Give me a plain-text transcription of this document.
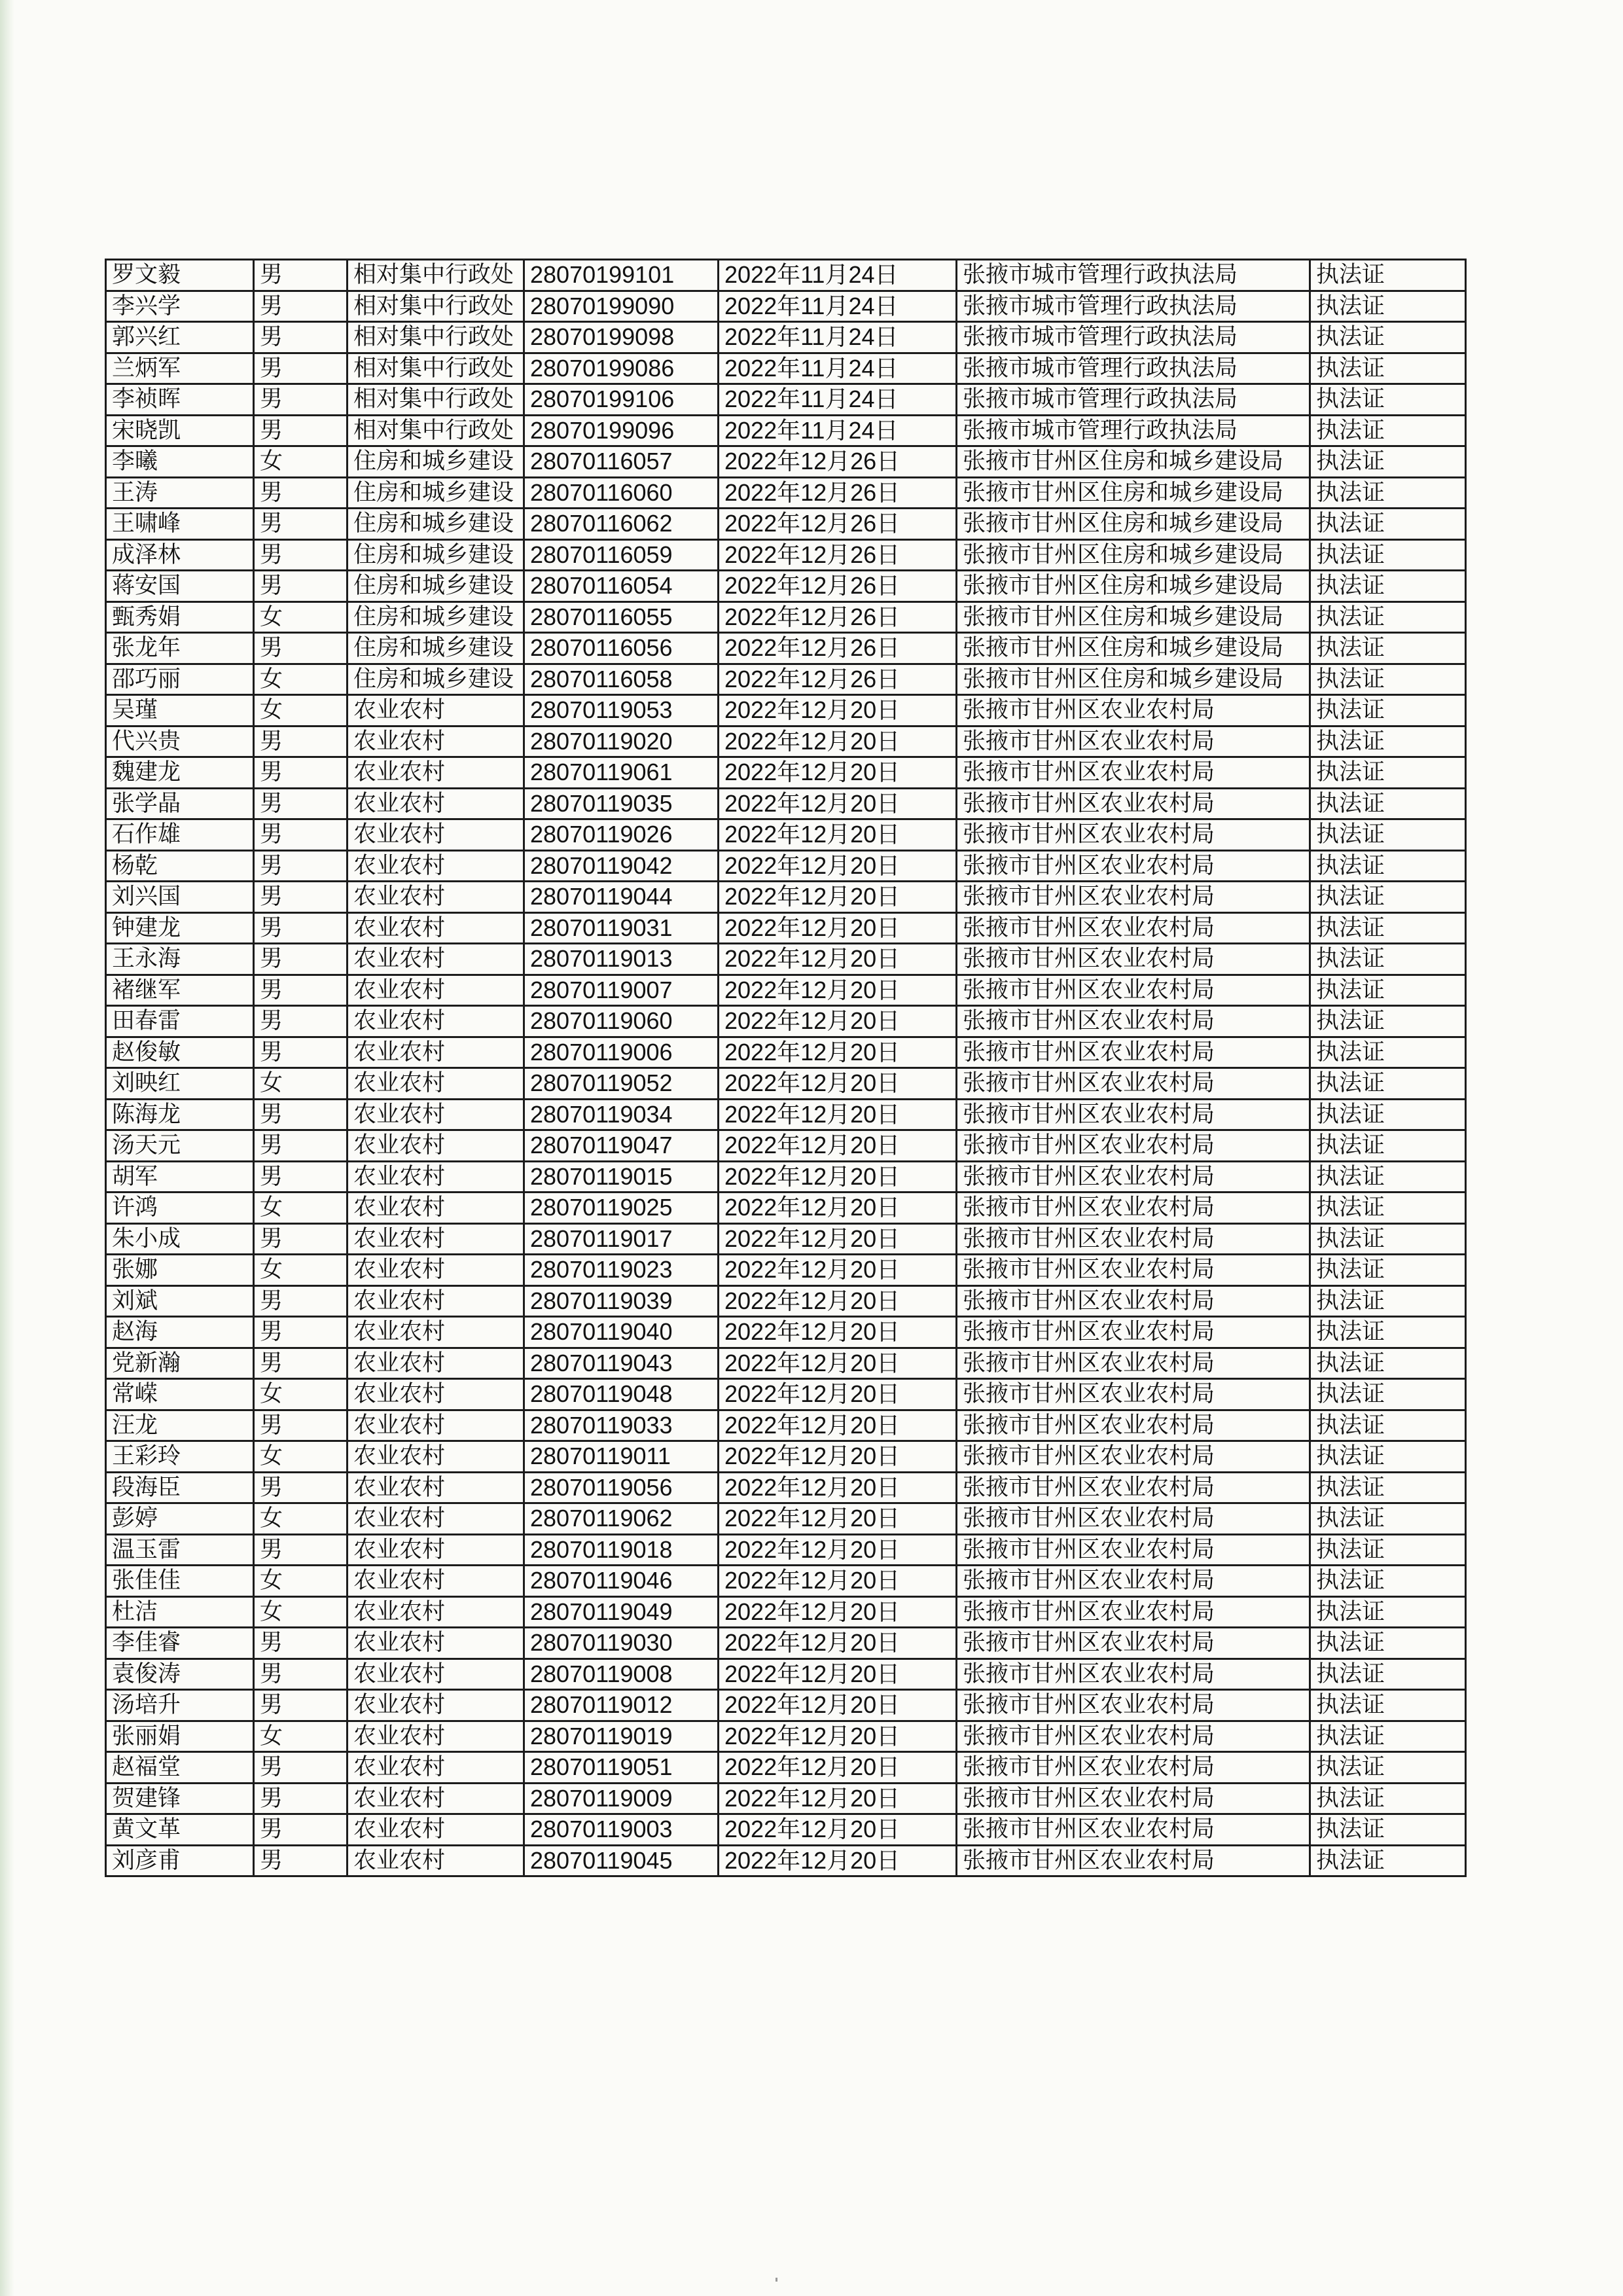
罗文毅	男	相对集中行政处	28070199101	2022年11月24日	张掖市城市管理行政执法局	执法证
李兴学	男	相对集中行政处	28070199090	2022年11月24日	张掖市城市管理行政执法局	执法证
郭兴红	男	相对集中行政处	28070199098	2022年11月24日	张掖市城市管理行政执法局	执法证
兰炳军	男	相对集中行政处	28070199086	2022年11月24日	张掖市城市管理行政执法局	执法证
李祯晖	男	相对集中行政处	28070199106	2022年11月24日	张掖市城市管理行政执法局	执法证
宋晓凯	男	相对集中行政处	28070199096	2022年11月24日	张掖市城市管理行政执法局	执法证
李曦	女	住房和城乡建设	28070116057	2022年12月26日	张掖市甘州区住房和城乡建设局	执法证
王涛	男	住房和城乡建设	28070116060	2022年12月26日	张掖市甘州区住房和城乡建设局	执法证
王啸峰	男	住房和城乡建设	28070116062	2022年12月26日	张掖市甘州区住房和城乡建设局	执法证
成泽林	男	住房和城乡建设	28070116059	2022年12月26日	张掖市甘州区住房和城乡建设局	执法证
蒋安国	男	住房和城乡建设	28070116054	2022年12月26日	张掖市甘州区住房和城乡建设局	执法证
甄秀娟	女	住房和城乡建设	28070116055	2022年12月26日	张掖市甘州区住房和城乡建设局	执法证
张龙年	男	住房和城乡建设	28070116056	2022年12月26日	张掖市甘州区住房和城乡建设局	执法证
邵巧丽	女	住房和城乡建设	28070116058	2022年12月26日	张掖市甘州区住房和城乡建设局	执法证
吴瑾	女	农业农村	28070119053	2022年12月20日	张掖市甘州区农业农村局	执法证
代兴贵	男	农业农村	28070119020	2022年12月20日	张掖市甘州区农业农村局	执法证
魏建龙	男	农业农村	28070119061	2022年12月20日	张掖市甘州区农业农村局	执法证
张学晶	男	农业农村	28070119035	2022年12月20日	张掖市甘州区农业农村局	执法证
石作雄	男	农业农村	28070119026	2022年12月20日	张掖市甘州区农业农村局	执法证
杨乾	男	农业农村	28070119042	2022年12月20日	张掖市甘州区农业农村局	执法证
刘兴国	男	农业农村	28070119044	2022年12月20日	张掖市甘州区农业农村局	执法证
钟建龙	男	农业农村	28070119031	2022年12月20日	张掖市甘州区农业农村局	执法证
王永海	男	农业农村	28070119013	2022年12月20日	张掖市甘州区农业农村局	执法证
褚继军	男	农业农村	28070119007	2022年12月20日	张掖市甘州区农业农村局	执法证
田春雷	男	农业农村	28070119060	2022年12月20日	张掖市甘州区农业农村局	执法证
赵俊敏	男	农业农村	28070119006	2022年12月20日	张掖市甘州区农业农村局	执法证
刘映红	女	农业农村	28070119052	2022年12月20日	张掖市甘州区农业农村局	执法证
陈海龙	男	农业农村	28070119034	2022年12月20日	张掖市甘州区农业农村局	执法证
汤天元	男	农业农村	28070119047	2022年12月20日	张掖市甘州区农业农村局	执法证
胡军	男	农业农村	28070119015	2022年12月20日	张掖市甘州区农业农村局	执法证
许鸿	女	农业农村	28070119025	2022年12月20日	张掖市甘州区农业农村局	执法证
朱小成	男	农业农村	28070119017	2022年12月20日	张掖市甘州区农业农村局	执法证
张娜	女	农业农村	28070119023	2022年12月20日	张掖市甘州区农业农村局	执法证
刘斌	男	农业农村	28070119039	2022年12月20日	张掖市甘州区农业农村局	执法证
赵海	男	农业农村	28070119040	2022年12月20日	张掖市甘州区农业农村局	执法证
党新瀚	男	农业农村	28070119043	2022年12月20日	张掖市甘州区农业农村局	执法证
常嵘	女	农业农村	28070119048	2022年12月20日	张掖市甘州区农业农村局	执法证
汪龙	男	农业农村	28070119033	2022年12月20日	张掖市甘州区农业农村局	执法证
王彩玲	女	农业农村	28070119011	2022年12月20日	张掖市甘州区农业农村局	执法证
段海臣	男	农业农村	28070119056	2022年12月20日	张掖市甘州区农业农村局	执法证
彭婷	女	农业农村	28070119062	2022年12月20日	张掖市甘州区农业农村局	执法证
温玉雷	男	农业农村	28070119018	2022年12月20日	张掖市甘州区农业农村局	执法证
张佳佳	女	农业农村	28070119046	2022年12月20日	张掖市甘州区农业农村局	执法证
杜洁	女	农业农村	28070119049	2022年12月20日	张掖市甘州区农业农村局	执法证
李佳睿	男	农业农村	28070119030	2022年12月20日	张掖市甘州区农业农村局	执法证
袁俊涛	男	农业农村	28070119008	2022年12月20日	张掖市甘州区农业农村局	执法证
汤培升	男	农业农村	28070119012	2022年12月20日	张掖市甘州区农业农村局	执法证
张丽娟	女	农业农村	28070119019	2022年12月20日	张掖市甘州区农业农村局	执法证
赵福堂	男	农业农村	28070119051	2022年12月20日	张掖市甘州区农业农村局	执法证
贺建锋	男	农业农村	28070119009	2022年12月20日	张掖市甘州区农业农村局	执法证
黄文革	男	农业农村	28070119003	2022年12月20日	张掖市甘州区农业农村局	执法证
刘彦甫	男	农业农村	28070119045	2022年12月20日	张掖市甘州区农业农村局	执法证
